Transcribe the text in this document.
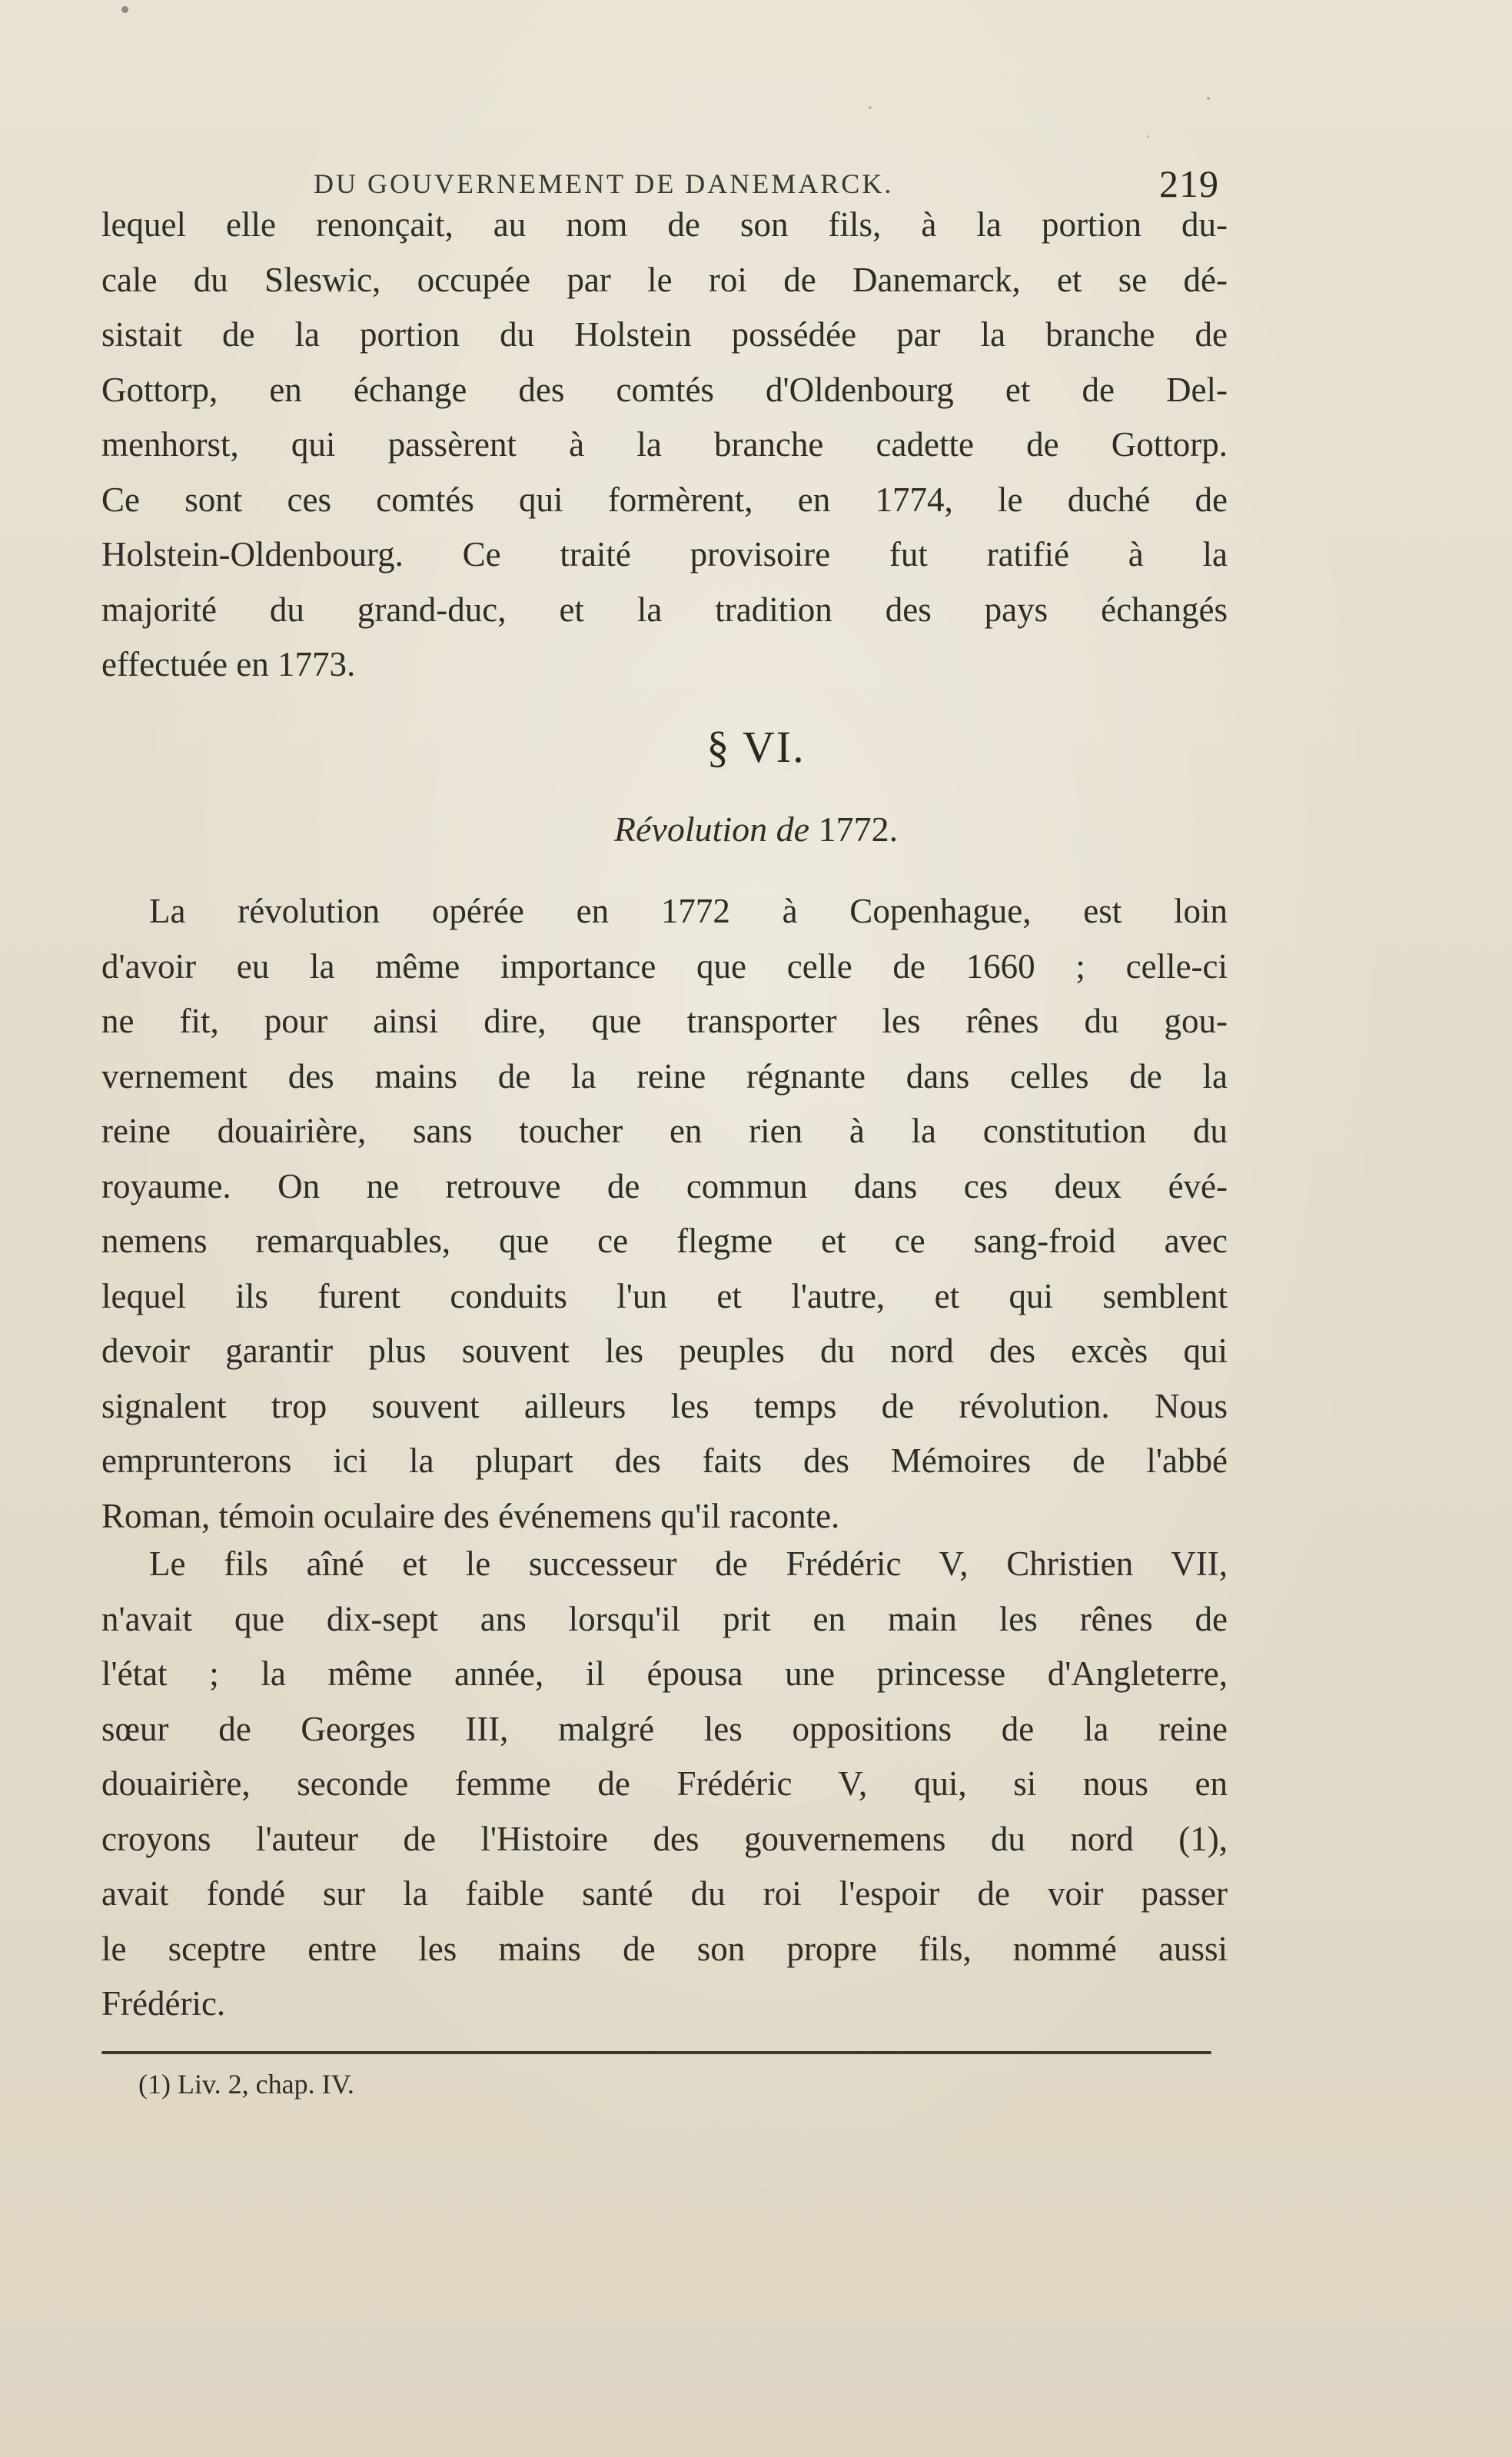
DU GOUVERNEMENT DE DANEMARCK.	219
lequel elle renonçait, au nom de son fils, à la portion du-
cale du Sleswic, occupée par le roi de Danemarck, et se dé-
sistait de la portion du Holstein possédée par la branche de
Gottorp, en échange des comtés d'Oldenbourg et de Del-
menhorst, qui passèrent à la branche cadette de Gottorp.
Ce sont ces comtés qui formèrent, en 1774, le duché de
Holstein-Oldenbourg. Ce traité provisoire fut ratifié à la
majorité du grand-duc, et la tradition des pays échangés
effectuée en 1773.
§ VI.
Révolution de 1772.
La révolution opérée en 1772 à Copenhague, est loin
d'avoir eu la même importance que celle de 1660 ; celle-ci
ne fit, pour ainsi dire, que transporter les rênes du gou-
vernement des mains de la reine régnante dans celles de la
reine douairière, sans toucher en rien à la constitution du
royaume. On ne retrouve de commun dans ces deux évé-
nemens remarquables, que ce flegme et ce sang-froid avec
lequel ils furent conduits l'un et l'autre, et qui semblent
devoir garantir plus souvent les peuples du nord des excès qui
signalent trop souvent ailleurs les temps de révolution. Nous
emprunterons ici la plupart des faits des Mémoires de l'abbé
Roman, témoin oculaire des événemens qu'il raconte.
Le fils aîné et le successeur de Frédéric V, Christien VII,
n'avait que dix-sept ans lorsqu'il prit en main les rênes de
l'état ; la même année, il épousa une princesse d'Angleterre,
sœur de Georges III, malgré les oppositions de la reine
douairière, seconde femme de Frédéric V, qui, si nous en
croyons l'auteur de l'Histoire des gouvernemens du nord (1),
avait fondé sur la faible santé du roi l'espoir de voir passer
le sceptre entre les mains de son propre fils, nommé aussi
Frédéric.
(1) Liv. 2, chap. IV.
